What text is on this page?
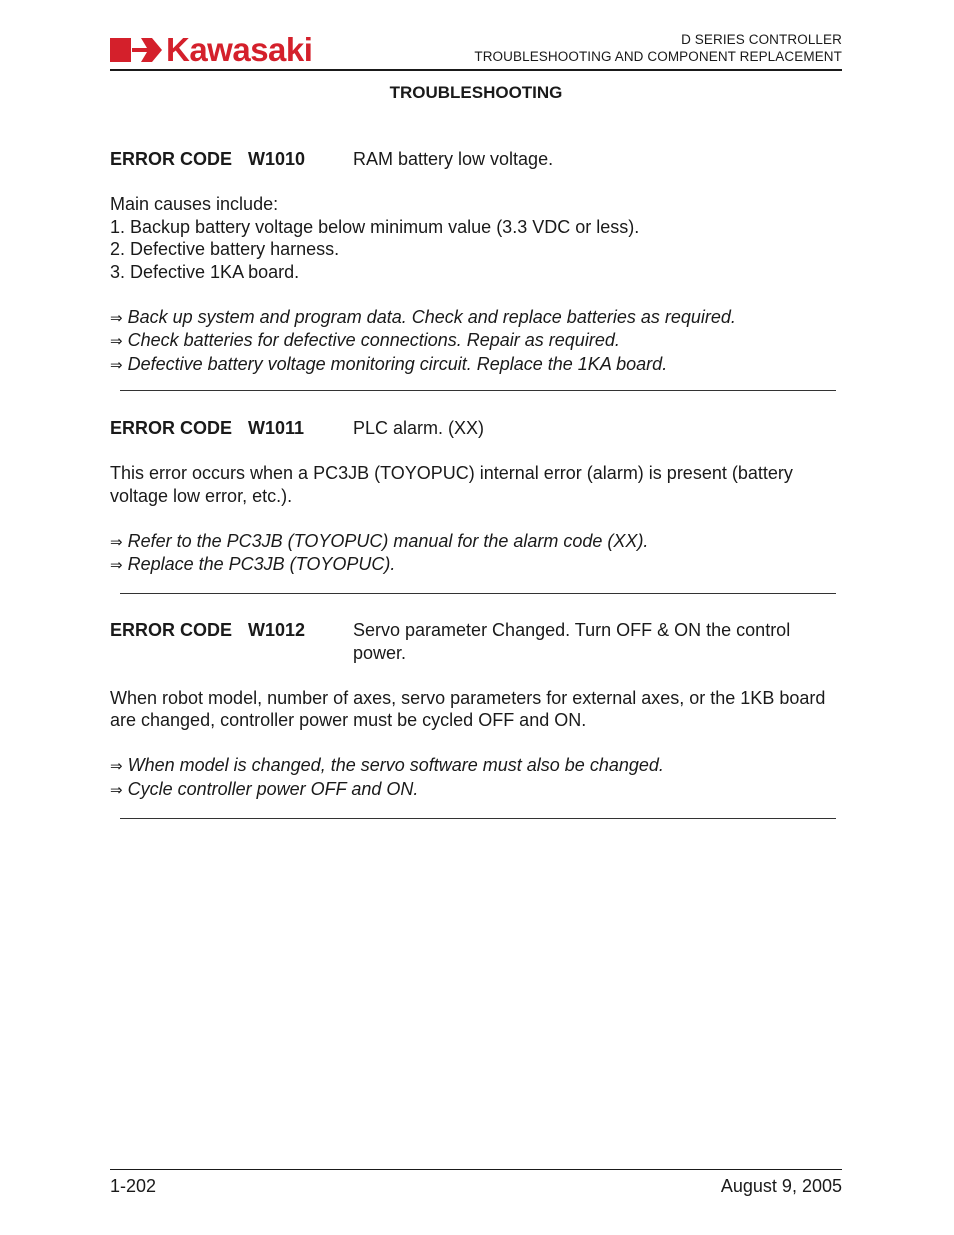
Kawasaki	D SERIES CONTROLLER
TROUBLESHOOTING AND COMPONENT REPLACEMENT
TROUBLESHOOTING
ERROR CODE W1010	RAM battery low voltage.
Main causes include:
1. Backup battery voltage below minimum value (3.3 VDC or less).
2. Defective battery harness.
3. Defective 1KA board.
⇒ Back up system and program data. Check and replace batteries as required.
⇒ Check batteries for defective connections. Repair as required.
⇒ Defective battery voltage monitoring circuit. Replace the 1KA board.
ERROR CODE W1011	PLC alarm. (XX)
This error occurs when a PC3JB (TOYOPUC) internal error (alarm) is present (battery voltage low error, etc.).
⇒ Refer to the PC3JB (TOYOPUC) manual for the alarm code (XX).
⇒ Replace the PC3JB (TOYOPUC).
ERROR CODE W1012	Servo parameter Changed. Turn OFF & ON the control power.
When robot model, number of axes, servo parameters for external axes, or the 1KB board are changed, controller power must be cycled OFF and ON.
⇒ When model is changed, the servo software must also be changed.
⇒ Cycle controller power OFF and ON.
1-202	August 9, 2005
